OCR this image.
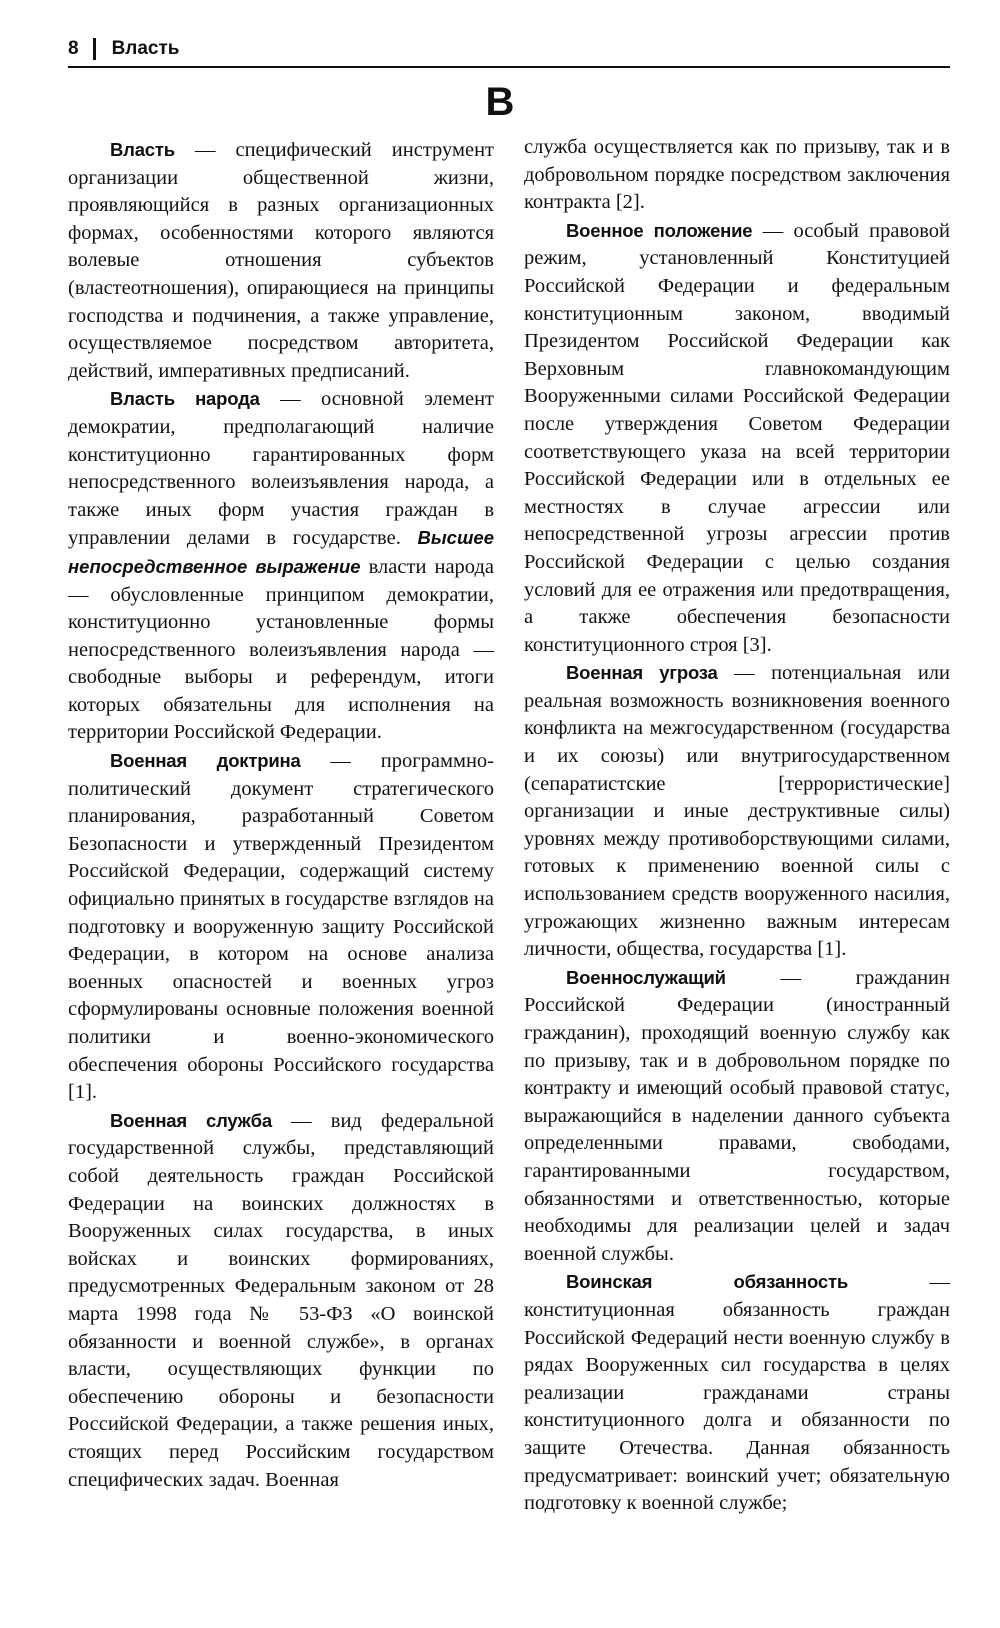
8 Власть
В

Власть — специфический инструмент организации общественной жизни, проявляющийся в разных организационных формах, особенностями которого являются волевые отношения субъектов (властеотношения), опирающиеся на принципы господства и подчинения, а также управление, осуществляемое посредством авторитета, действий, императивных предписаний.

Власть народа — основной элемент демократии, предполагающий наличие конституционно гарантированных форм непосредственного волеизъявления народа, а также иных форм участия граждан в управлении делами в государстве. Высшее непосредственное выражение власти народа — обусловленные принципом демократии, конституционно установленные формы непосредственного волеизъявления народа — свободные выборы и референдум, итоги которых обязательны для исполнения на территории Российской Федерации.

Военная доктрина — программно-политический документ стратегического планирования, разработанный Советом Безопасности и утвержденный Президентом Российской Федерации, содержащий систему официально принятых в государстве взглядов на подготовку и вооруженную защиту Российской Федерации, в котором на основе анализа военных опасностей и военных угроз сформулированы основные положения военной политики и военно-экономического обеспечения обороны Российского государства [1].

Военная служба — вид федеральной государственной службы, представляющий собой деятельность граждан Российской Федерации на воинских должностях в Вооруженных силах государства, в иных войсках и воинских формированиях, предусмотренных Федеральным законом от 28 марта 1998 года № 53-ФЗ «О воинской обязанности и военной службе», в органах власти, осуществляющих функции по обеспечению обороны и безопасности Российской Федерации, а также решения иных, стоящих перед Российским государством специфических задач. Военная

служба осуществляется как по призыву, так и в добровольном порядке посредством заключения контракта [2].

Военное положение — особый правовой режим, установленный Конституцией Российской Федерации и федеральным конституционным законом, вводимый Президентом Российской Федерации как Верховным главнокомандующим Вооруженными силами Российской Федерации после утверждения Советом Федерации соответствующего указа на всей территории Российской Федерации или в отдельных ее местностях в случае агрессии или непосредственной угрозы агрессии против Российской Федерации с целью создания условий для ее отражения или предотвращения, а также обеспечения безопасности конституционного строя [3].

Военная угроза — потенциальная или реальная возможность возникновения военного конфликта на межгосударственном (государства и их союзы) или внутригосударственном (сепаратистские [террористические] организации и иные деструктивные силы) уровнях между противоборствующими силами, готовых к применению военной силы с использованием средств вооруженного насилия, угрожающих жизненно важным интересам личности, общества, государства [1].

Военнослужащий — гражданин Российской Федерации (иностранный гражданин), проходящий военную службу как по призыву, так и в добровольном порядке по контракту и имеющий особый правовой статус, выражающийся в наделении данного субъекта определенными правами, свободами, гарантированными государством, обязанностями и ответственностью, которые необходимы для реализации целей и задач военной службы.

Воинская обязанность — конституционная обязанность граждан Российской Федераций нести военную службу в рядах Вооруженных сил государства в целях реализации гражданами страны конституционного долга и обязанности по защите Отечества. Данная обязанность предусматривает: воинский учет; обязательную подготовку к военной службе;
